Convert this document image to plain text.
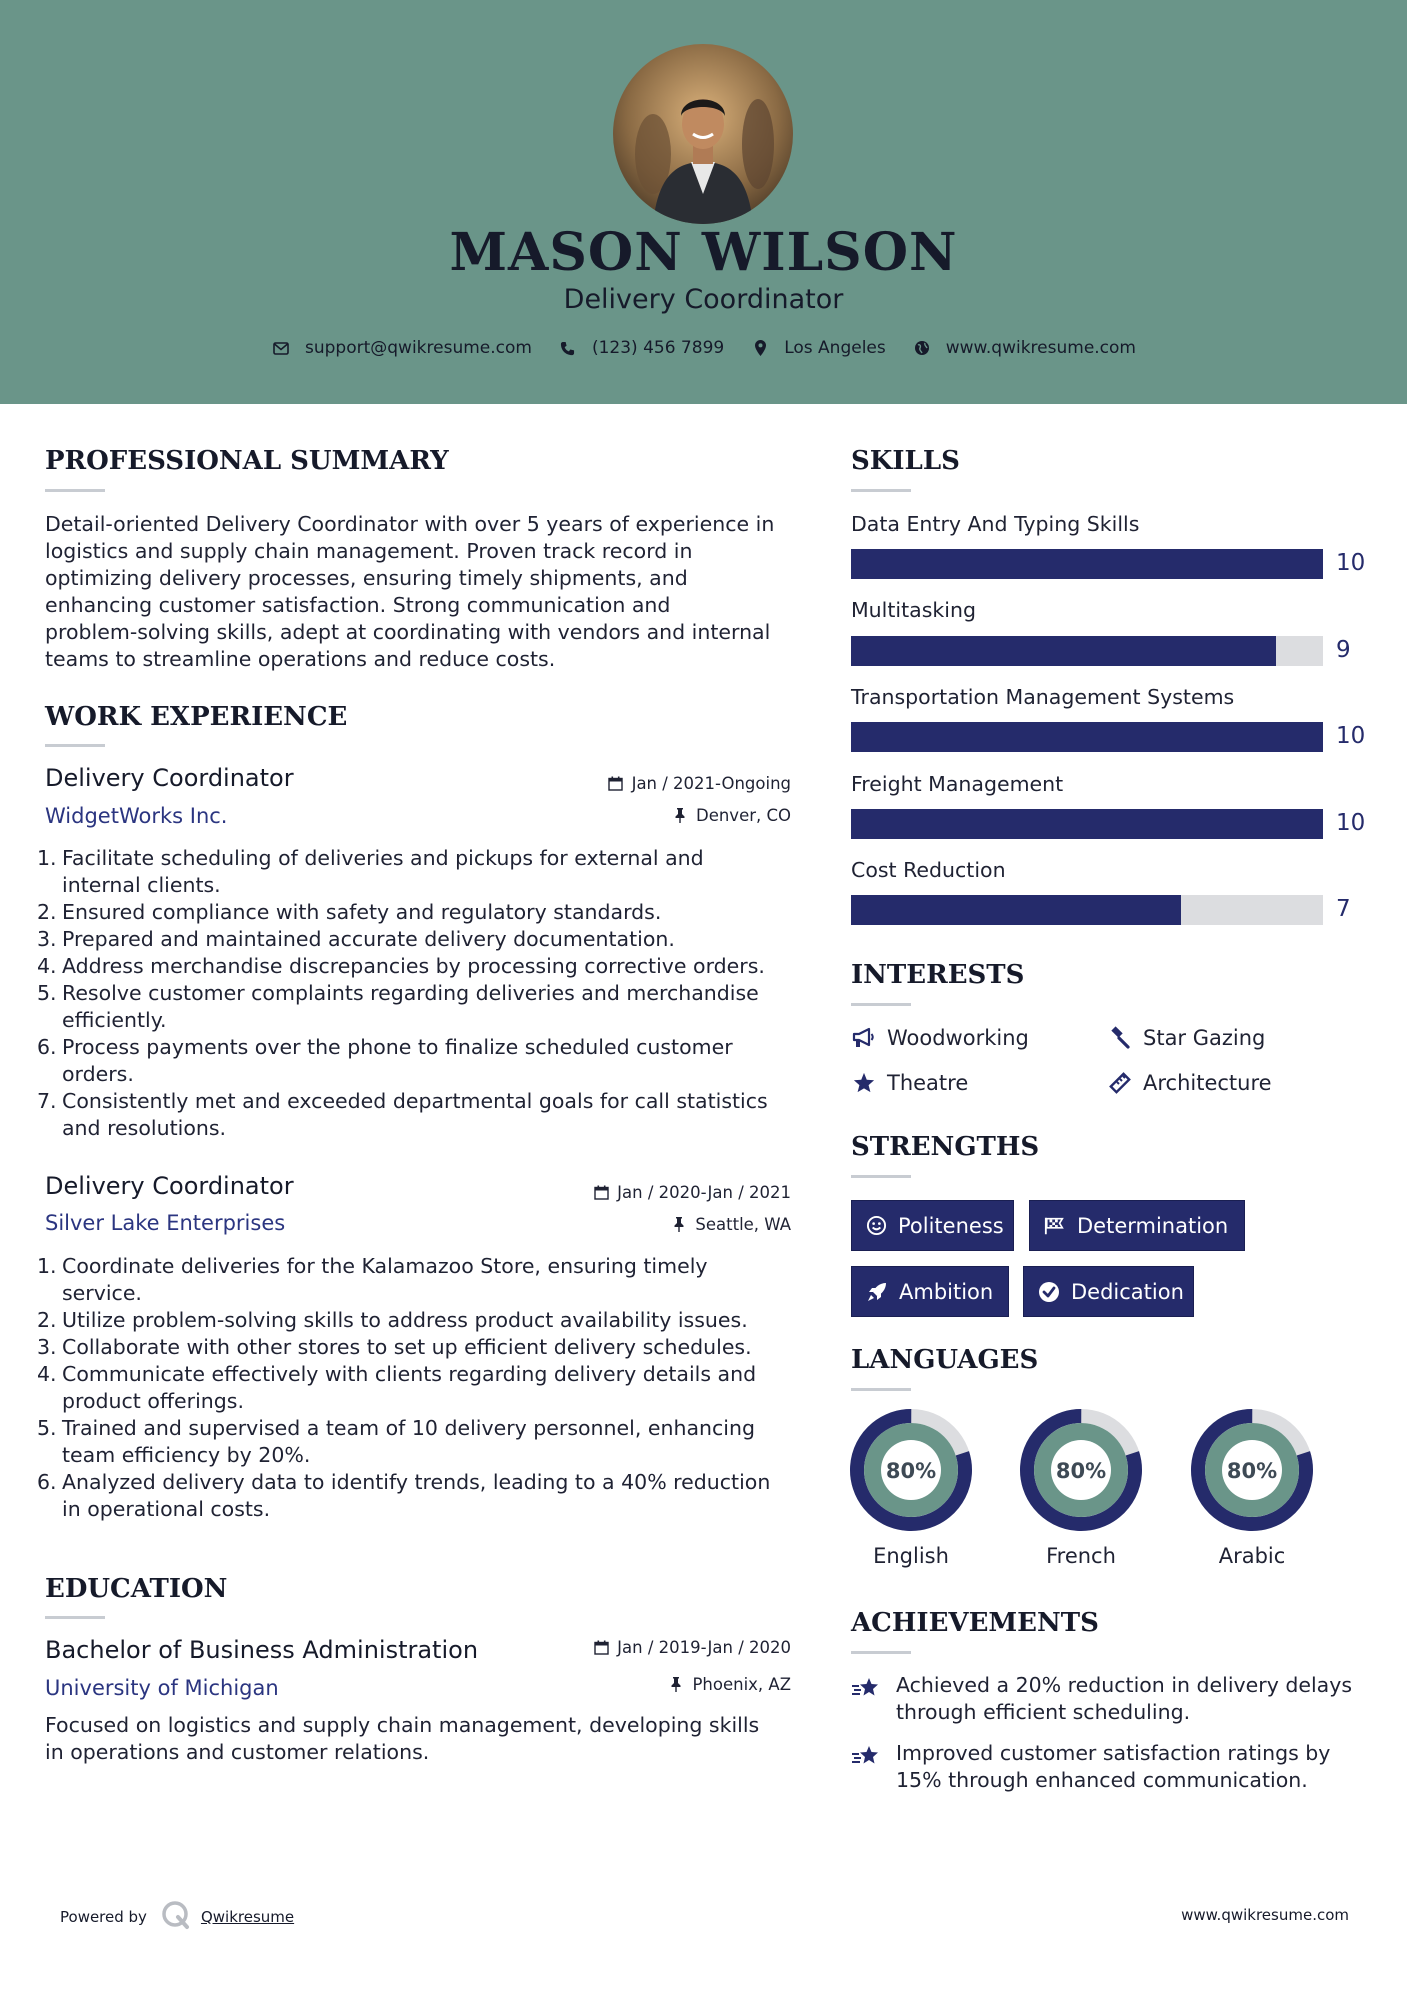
MASON WILSON
Delivery Coordinator
support@qwikresume.com	(123) 456 7899	Los Angeles	www.qwikresume.com
PROFESSIONAL SUMMARY
Detail-oriented Delivery Coordinator with over 5 years of experience in
logistics and supply chain management. Proven track record in
optimizing delivery processes, ensuring timely shipments, and
enhancing customer satisfaction. Strong communication and
problem-solving skills, adept at coordinating with vendors and internal
teams to streamline operations and reduce costs.
WORK EXPERIENCE
Delivery Coordinator
WidgetWorks Inc.
Jan / 2021-Ongoing
Denver, CO
1. Facilitate scheduling of deliveries and pickups for external and
internal clients.
2. Ensured compliance with safety and regulatory standards.
3. Prepared and maintained accurate delivery documentation.
4. Address merchandise discrepancies by processing corrective orders.
5. Resolve customer complaints regarding deliveries and merchandise
efficiently.
6. Process payments over the phone to finalize scheduled customer
orders.
7. Consistently met and exceeded departmental goals for call statistics
and resolutions.
Delivery Coordinator
Silver Lake Enterprises
Jan / 2020-Jan / 2021
Seattle, WA
1. Coordinate deliveries for the Kalamazoo Store, ensuring timely
service.
2. Utilize problem-solving skills to address product availability issues.
3. Collaborate with other stores to set up efficient delivery schedules.
4. Communicate effectively with clients regarding delivery details and
product offerings.
5. Trained and supervised a team of 10 delivery personnel, enhancing
team efficiency by 20%.
6. Analyzed delivery data to identify trends, leading to a 40% reduction
in operational costs.
EDUCATION
Bachelor of Business Administration
University of Michigan
Jan / 2019-Jan / 2020
Phoenix, AZ
Focused on logistics and supply chain management, developing skills
in operations and customer relations.
SKILLS
Data Entry And Typing Skills
10
Multitasking
9
Transportation Management Systems
10
Freight Management
10
Cost Reduction
7
INTERESTS
Woodworking	Star Gazing
Theatre	Architecture
STRENGTHS
Politeness	Determination
Ambition	Dedication
LANGUAGES
80%
English
80%
French
80%
Arabic
ACHIEVEMENTS
Achieved a 20% reduction in delivery delays
through efficient scheduling.
Improved customer satisfaction ratings by
15% through enhanced communication.
Powered by	Qwikresume	www.qwikresume.com
